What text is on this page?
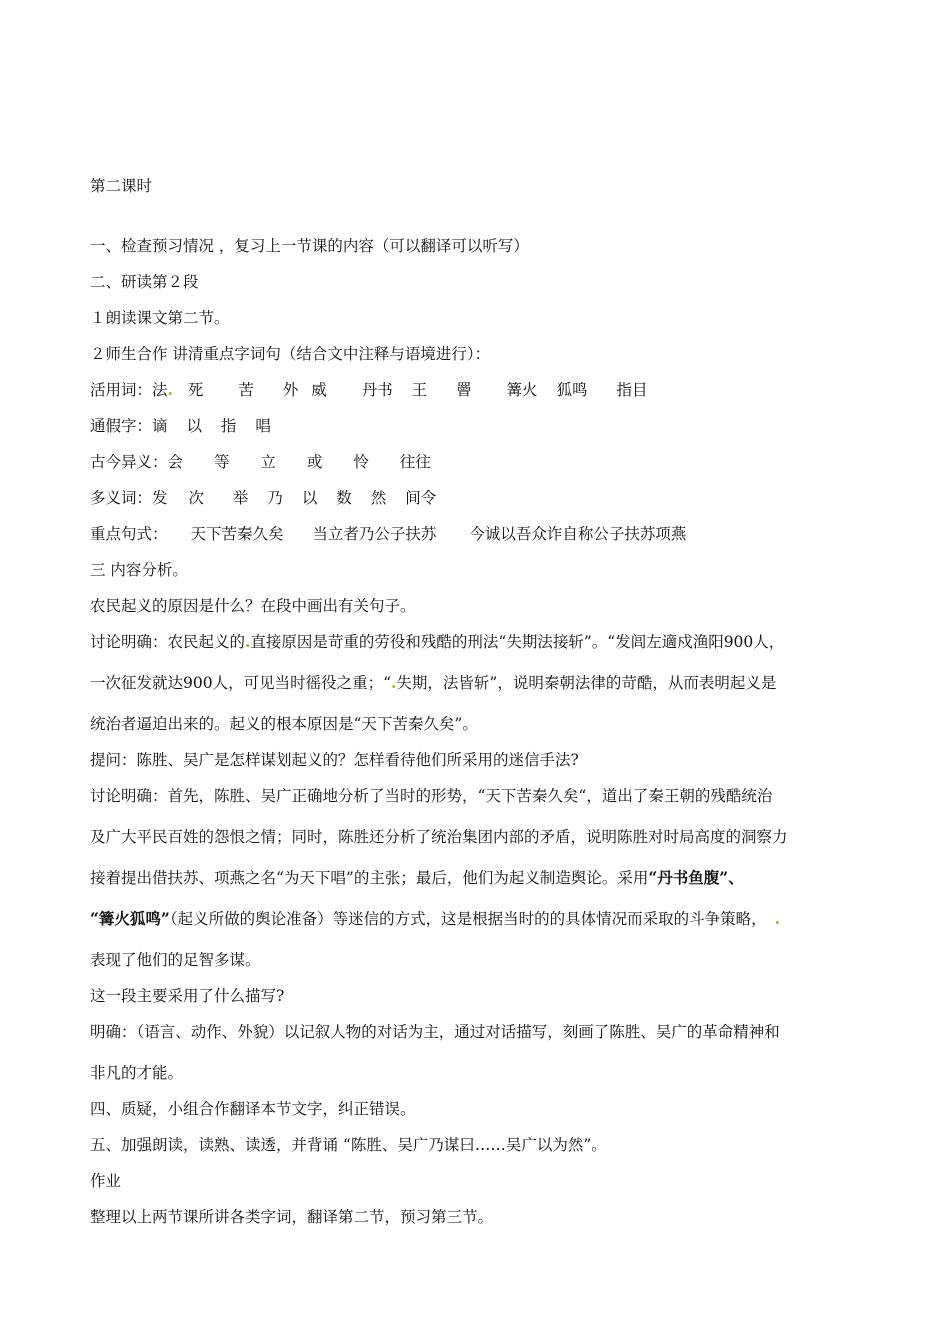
第二课时
一、检查预习情况 ，复习上一节课的内容（可以翻译可以听写）
二、研读第２段
１朗读课文第二节。
２师生合作 讲清重点字词句（结合文中注释与语境进行）：
活用词：法. 死 苦 外 威 丹书 王 罾 篝火 狐鸣 指目
通假字：谪 以 指 唱
古今异义：会 等 立 或 怜 往往
多义词：发 次 举 乃 以 数 然 间令
重点句式： 天下苦秦久矣 当立者乃公子扶苏 今诚以吾众诈自称公子扶苏项燕
三 内容分析。
农民起义的原因是什么？在段中画出有关句子。
讨论明确：农民起义的.直接原因是苛重的劳役和残酷的刑法“失期法接斩”。“发闾左適戍渔阳900人，
一次征发就达900人，可见当时徭役之重；“.失期，法皆斩”，说明秦朝法律的苛酷，从而表明起义是
统治者逼迫出来的。起义的根本原因是“天下苦秦久矣”。
提问：陈胜、吴广是怎样谋划起义的？怎样看待他们所采用的迷信手法?
讨论明确：首先，陈胜、吴广正确地分析了当时的形势，“天下苦秦久矣“，道出了秦王朝的残酷统治
及广大平民百姓的怨恨之情；同时，陈胜还分析了统治集团内部的矛盾，说明陈胜对时局高度的洞察力
接着提出借扶苏、项燕之名“为天下唱”的主张；最后，他们为起义制造舆论。采用“丹书鱼腹”、
“篝火狐鸣”（起义所做的舆论准备）等迷信的方式，这是根据当时的的具体情况而采取的斗争策略， .
表现了他们的足智多谋。
这一段主要采用了什么描写?
明确：（语言、动作、外貌）以记叙人物的对话为主，通过对话描写，刻画了陈胜、吴广的革命精神和
非凡的才能。
四、质疑，小组合作翻译本节文字，纠正错误。
五、加强朗读，读熟、读透，并背诵 “陈胜、吴广乃谋曰……吴广以为然”。
作业
整理以上两节课所讲各类字词，翻译第二节，预习第三节。
